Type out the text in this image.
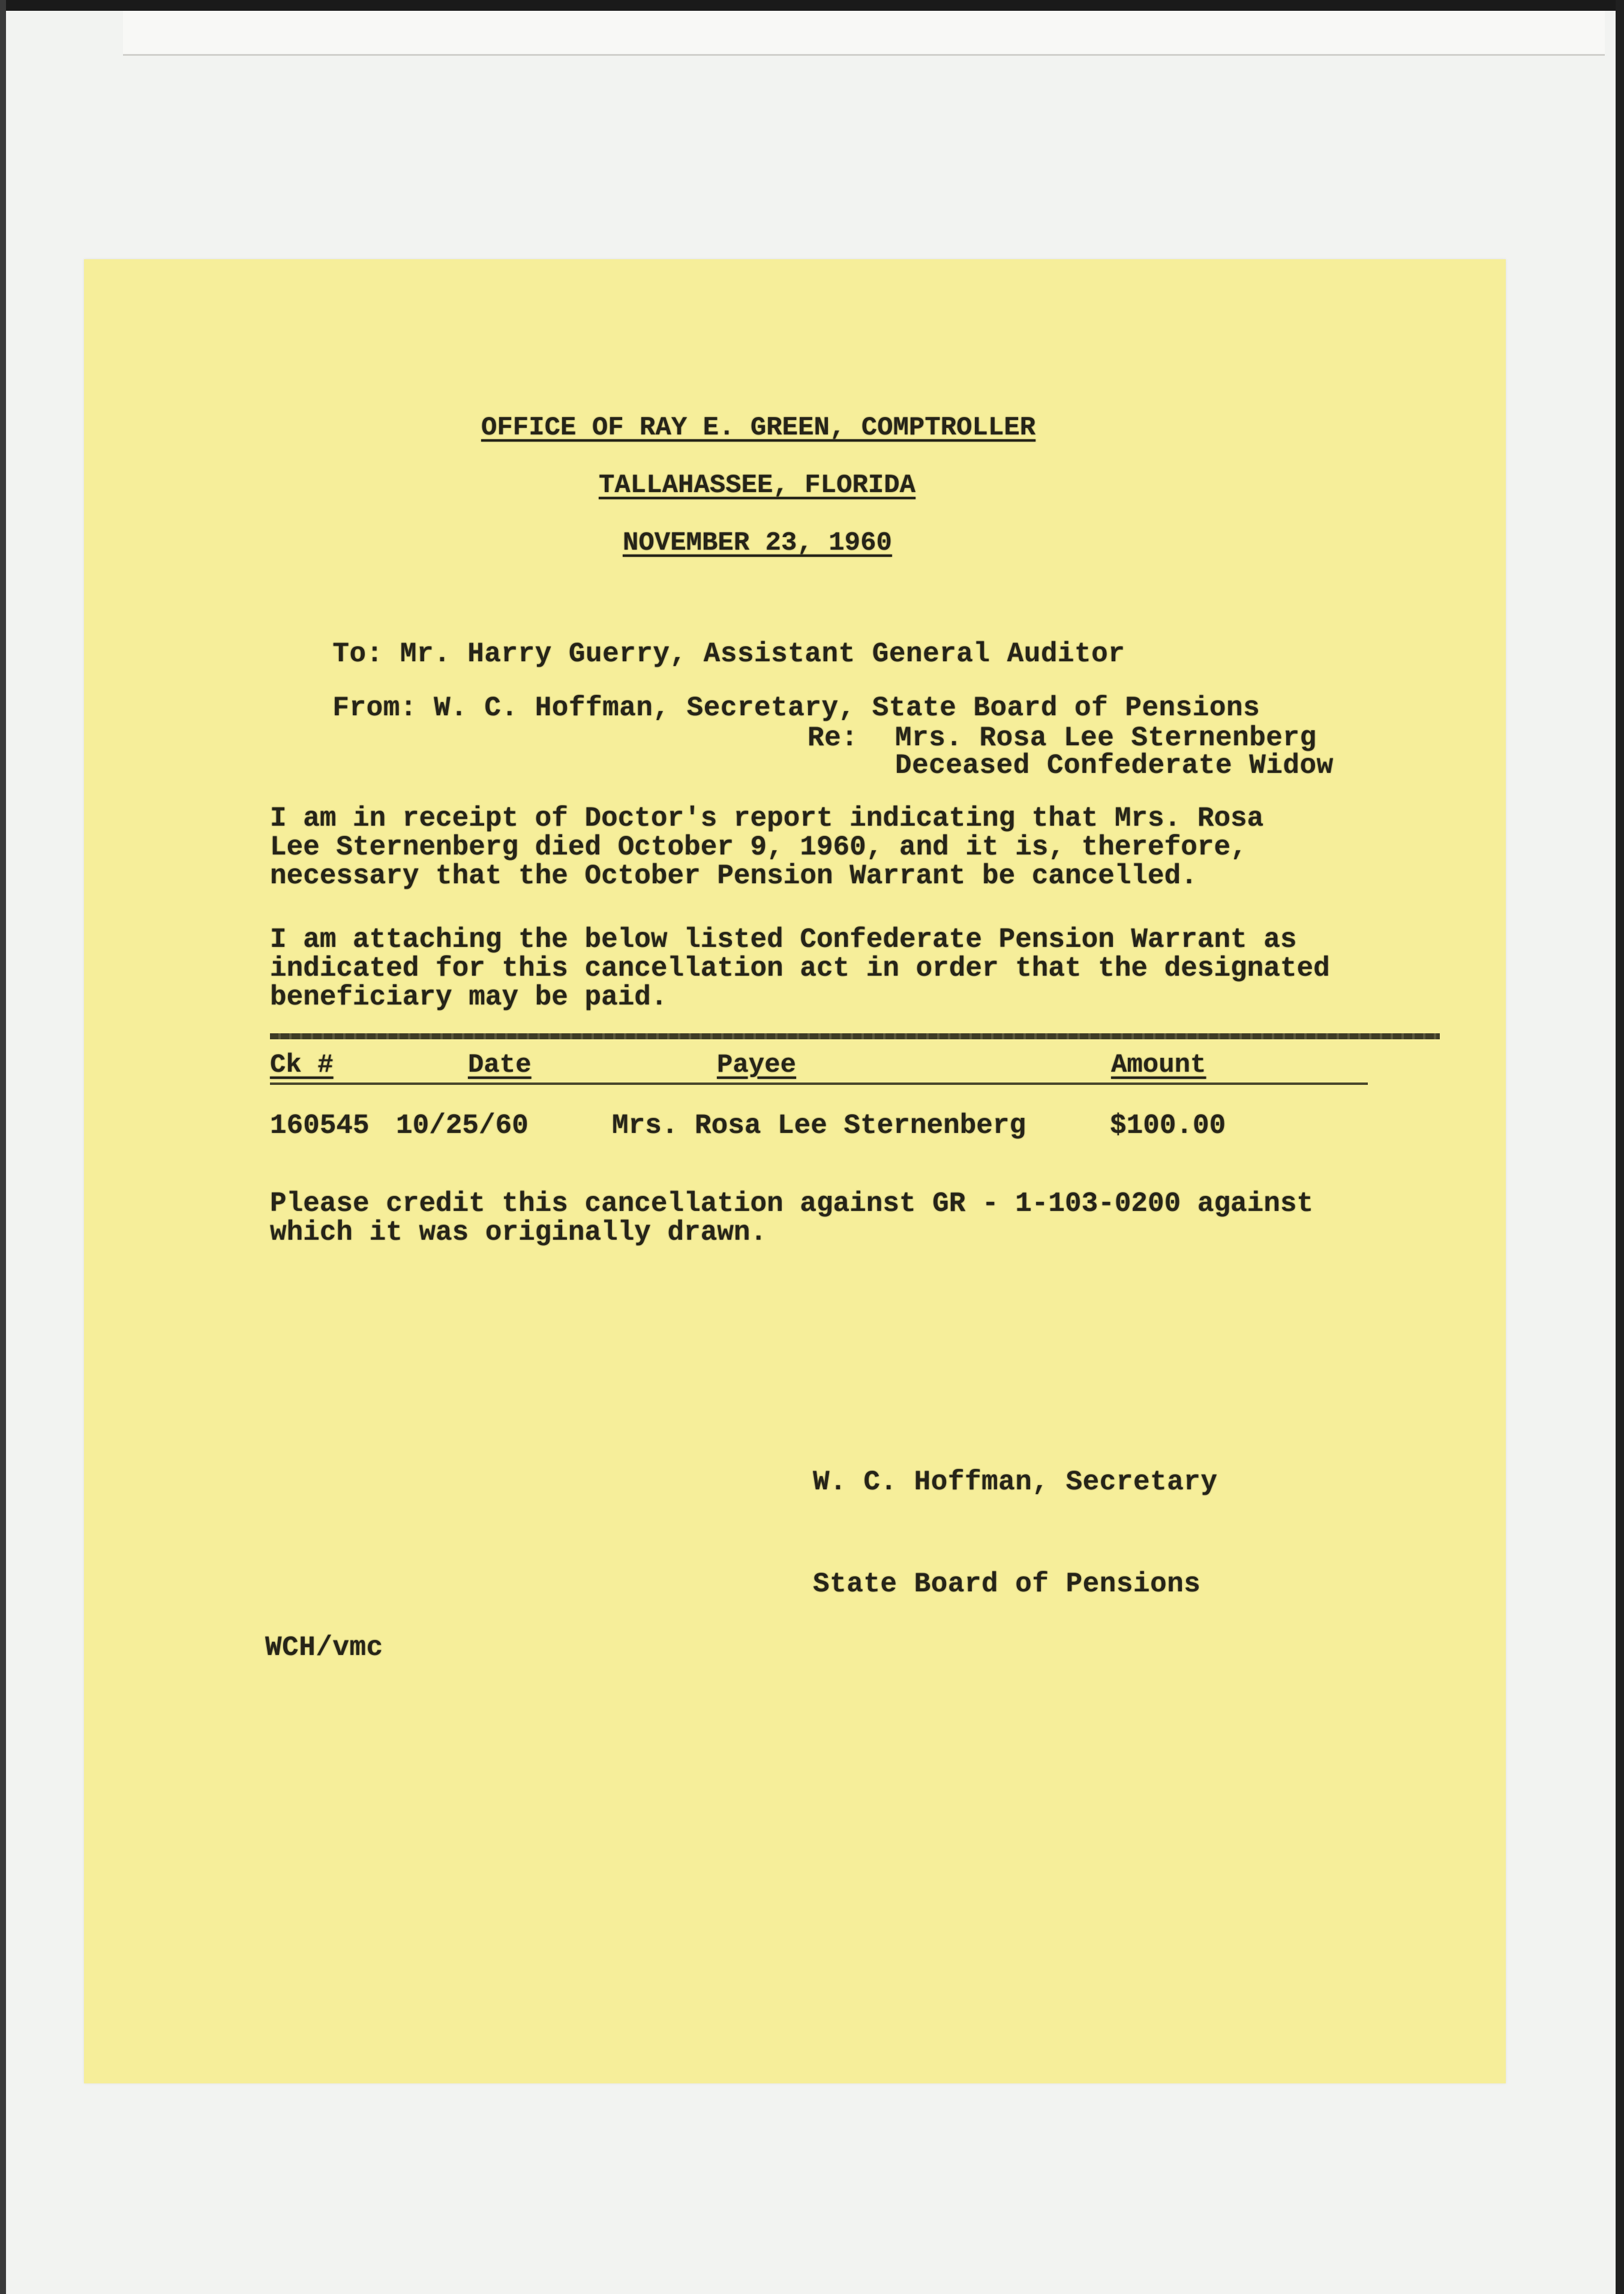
OFFICE OF RAY E. GREEN, COMPTROLLER
TALLAHASSEE, FLORIDA
NOVEMBER 23, 1960

To: Mr. Harry Guerry, Assistant General Auditor

From: W. C. Hoffman, Secretary, State Board of Pensions

Re: Mrs. Rosa Lee Sternenberg
Deceased Confederate Widow
I am in receipt of Doctor's report indicating that Mrs. Rosa
Lee Sternenberg died October 9, 1960, and it is, therefore,
necessary that the October Pension Warrant be cancelled.
I am attaching the below listed Confederate Pension Warrant as
indicated for this cancellation act in order that the designated
beneficiary may be paid.
Ck #	Date	Payee	Amount
160545 10/25/60	Mrs. Rosa Lee Sternenberg	$100.00
Please credit this cancellation against GR - 1-103-0200 against
which it was originally drawn.
W. C. Hoffman, Secretary
State Board of Pensions
WCH/vmc
